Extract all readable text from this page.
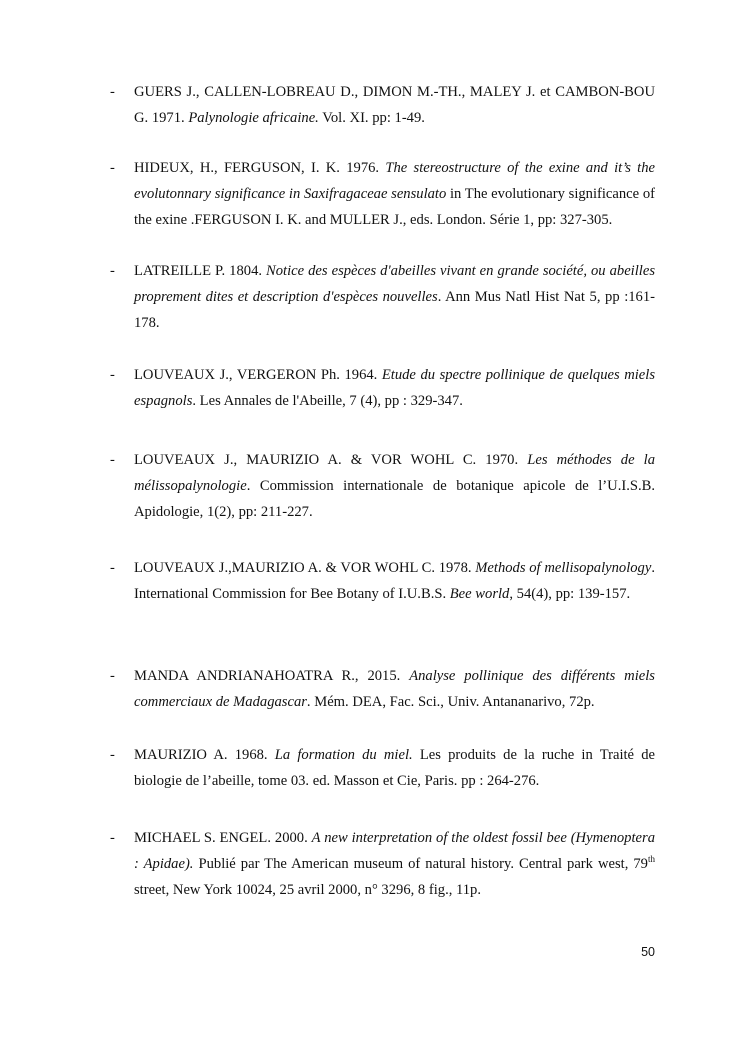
- GUERS J., CALLEN-LOBREAU D., DIMON M.-TH., MALEY J. et CAMBON-BOU G. 1971. Palynologie africaine. Vol. XI. pp: 1-49.
- HIDEUX, H., FERGUSON, I. K. 1976. The stereostructure of the exine and it’s the evolutonnary significance in Saxifragaceae sensulato in The evolutionary significance of the exine .FERGUSON I. K. and MULLER J., eds. London. Série 1, pp: 327-305.
- LATREILLE P. 1804. Notice des espèces d'abeilles vivant en grande société, ou abeilles proprement dites et description d'espèces nouvelles. Ann Mus Natl Hist Nat 5, pp :161-178.
- LOUVEAUX J., VERGERON Ph. 1964. Etude du spectre pollinique de quelques miels espagnols. Les Annales de l'Abeille, 7 (4), pp : 329-347.
- LOUVEAUX J., MAURIZIO A. & VOR WOHL C. 1970. Les méthodes de la mélissopalynologie. Commission internationale de botanique apicole de l’U.I.S.B. Apidologie, 1(2), pp: 211-227.
- LOUVEAUX J.,MAURIZIO A. & VOR WOHL C. 1978. Methods of mellisopalynology. International Commission for Bee Botany of I.U.B.S. Bee world, 54(4), pp: 139-157.
- MANDA ANDRIANAHOATRA R., 2015. Analyse pollinique des différents miels commerciaux de Madagascar. Mém. DEA, Fac. Sci., Univ. Antananarivo, 72p.
- MAURIZIO A. 1968. La formation du miel. Les produits de la ruche in Traité de biologie de l’abeille, tome 03. ed. Masson et Cie, Paris. pp : 264-276.
- MICHAEL S. ENGEL. 2000. A new interpretation of the oldest fossil bee (Hymenoptera : Apidae). Publié par The American museum of natural history. Central park west, 79th street, New York 10024, 25 avril 2000, n° 3296, 8 fig., 11p.
50
